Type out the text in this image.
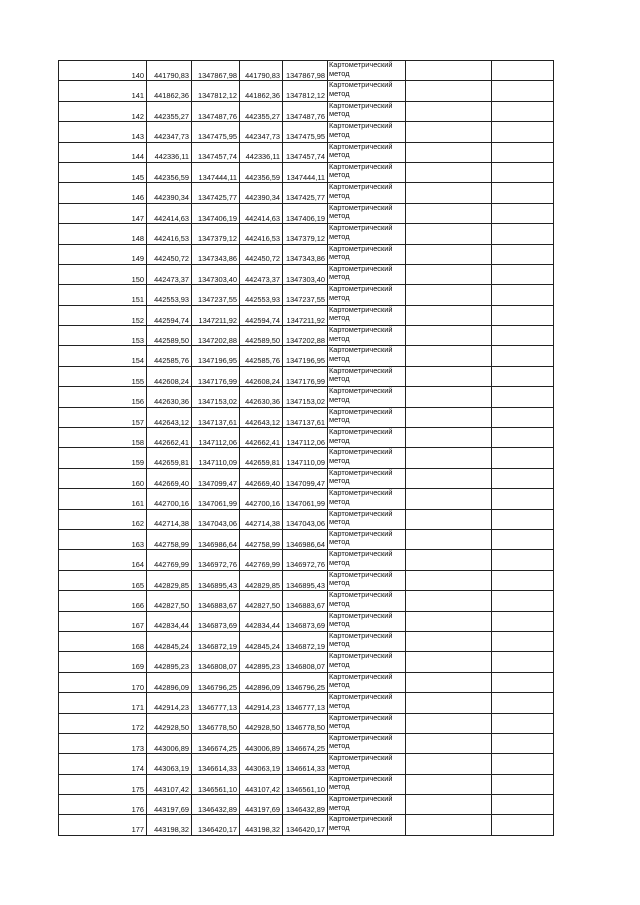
140	441790,83	1347867,98	441790,83	1347867,98	Картометрический метод		
141	441862,36	1347812,12	441862,36	1347812,12	Картометрический метод		
142	442355,27	1347487,76	442355,27	1347487,76	Картометрический метод		
143	442347,73	1347475,95	442347,73	1347475,95	Картометрический метод		
144	442336,11	1347457,74	442336,11	1347457,74	Картометрический метод		
145	442356,59	1347444,11	442356,59	1347444,11	Картометрический метод		
146	442390,34	1347425,77	442390,34	1347425,77	Картометрический метод		
147	442414,63	1347406,19	442414,63	1347406,19	Картометрический метод		
148	442416,53	1347379,12	442416,53	1347379,12	Картометрический метод		
149	442450,72	1347343,86	442450,72	1347343,86	Картометрический метод		
150	442473,37	1347303,40	442473,37	1347303,40	Картометрический метод		
151	442553,93	1347237,55	442553,93	1347237,55	Картометрический метод		
152	442594,74	1347211,92	442594,74	1347211,92	Картометрический метод		
153	442589,50	1347202,88	442589,50	1347202,88	Картометрический метод		
154	442585,76	1347196,95	442585,76	1347196,95	Картометрический метод		
155	442608,24	1347176,99	442608,24	1347176,99	Картометрический метод		
156	442630,36	1347153,02	442630,36	1347153,02	Картометрический метод		
157	442643,12	1347137,61	442643,12	1347137,61	Картометрический метод		
158	442662,41	1347112,06	442662,41	1347112,06	Картометрический метод		
159	442659,81	1347110,09	442659,81	1347110,09	Картометрический метод		
160	442669,40	1347099,47	442669,40	1347099,47	Картометрический метод		
161	442700,16	1347061,99	442700,16	1347061,99	Картометрический метод		
162	442714,38	1347043,06	442714,38	1347043,06	Картометрический метод		
163	442758,99	1346986,64	442758,99	1346986,64	Картометрический метод		
164	442769,99	1346972,76	442769,99	1346972,76	Картометрический метод		
165	442829,85	1346895,43	442829,85	1346895,43	Картометрический метод		
166	442827,50	1346883,67	442827,50	1346883,67	Картометрический метод		
167	442834,44	1346873,69	442834,44	1346873,69	Картометрический метод		
168	442845,24	1346872,19	442845,24	1346872,19	Картометрический метод		
169	442895,23	1346808,07	442895,23	1346808,07	Картометрический метод		
170	442896,09	1346796,25	442896,09	1346796,25	Картометрический метод		
171	442914,23	1346777,13	442914,23	1346777,13	Картометрический метод		
172	442928,50	1346778,50	442928,50	1346778,50	Картометрический метод		
173	443006,89	1346674,25	443006,89	1346674,25	Картометрический метод		
174	443063,19	1346614,33	443063,19	1346614,33	Картометрический метод		
175	443107,42	1346561,10	443107,42	1346561,10	Картометрический метод		
176	443197,69	1346432,89	443197,69	1346432,89	Картометрический метод		
177	443198,32	1346420,17	443198,32	1346420,17	Картометрический метод		
